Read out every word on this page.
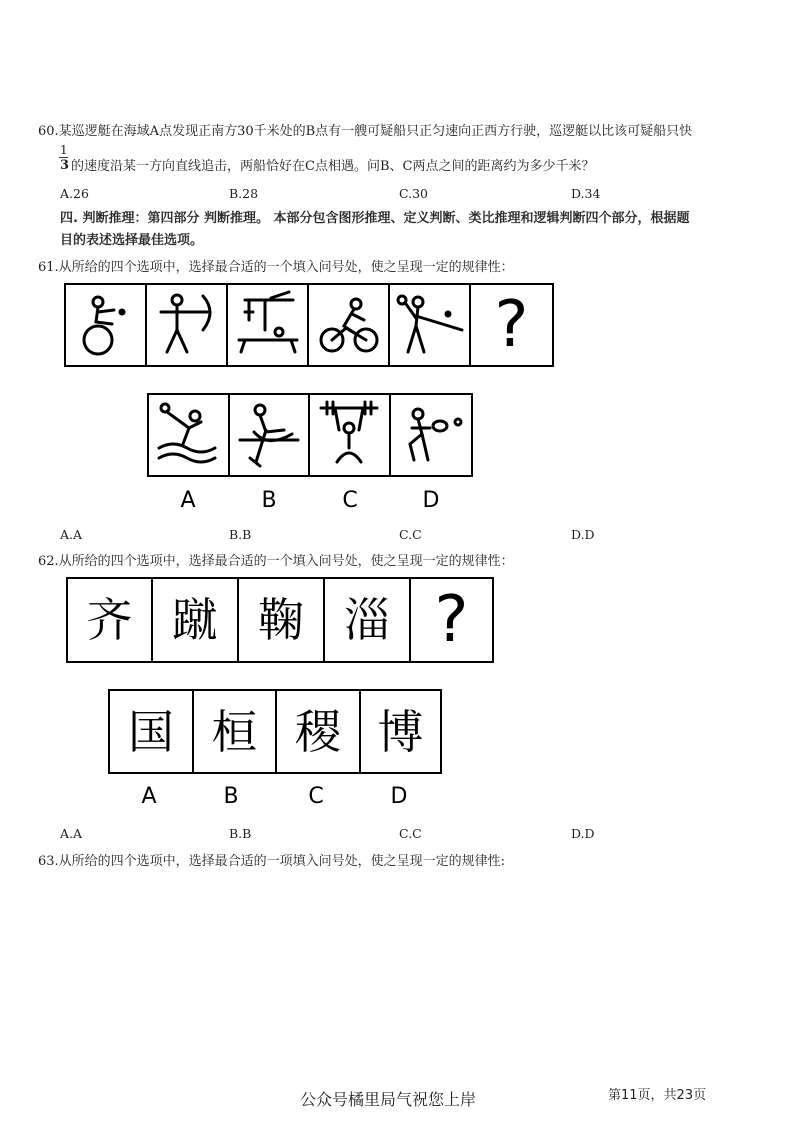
60.某巡逻艇在海域A点发现正南方30千米处的B点有一艘可疑船只正匀速向正西方行驶，巡逻艇以比该可疑船只快
1
3 的速度沿某一方向直线追击，两船恰好在C点相遇。问B、C两点之间的距离约为多少千米？
A.26	B.28	C.30	D.34
四. 判断推理：第四部分 判断推理。 本部分包含图形推理、定义判断、类比推理和逻辑判断四个部分，根据题
目的表述选择最佳选项。
61.从所给的四个选项中，选择最合适的一个填入问号处，使之呈现一定的规律性：
?
A	B	C	D
A.A	B.B	C.C	D.D
62.从所给的四个选项中，选择最合适的一个填入问号处，使之呈现一定的规律性：
齐 蹴 鞠 淄 ?
国 桓 稷 博
A	B	C	D
A.A	B.B	C.C	D.D
63.从所给的四个选项中，选择最合适的一项填入问号处，使之呈现一定的规律性:
公众号橘里局气祝您上岸	第11页，共23页
